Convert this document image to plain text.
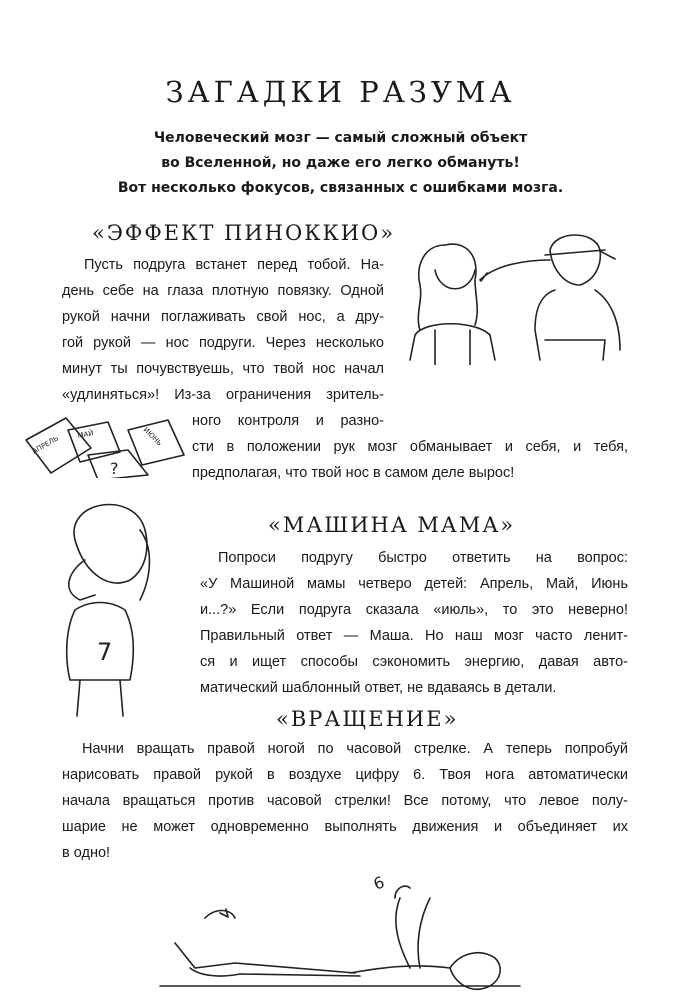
ЗАГАДКИ РАЗУМА
Человеческий мозг — самый сложный объект
во Вселенной, но даже его легко обмануть!
Вот несколько фокусов, связанных с ошибками мозга.
«ЭФФЕКТ ПИНОККИО»
Пусть подруга встанет перед тобой. На-
день себе на глаза плотную повязку. Одной
рукой начни поглаживать свой нос, а дру-
гой рукой — нос подруги. Через несколько
минут ты почувствуешь, что твой нос начал
«удлиняться»! Из-за ограничения зритель-
ного контроля и разно-
сти в положении рук мозг обманывает и себя, и тебя,
предполагая, что твой нос в самом деле вырос!
АПРЕЛЬ МАЙ	ИЮНЬ
?
7
«МАШИНА МАМА»
Попроси подругу быстро ответить на вопрос:
«У Машиной мамы четверо детей: Апрель, Май, Июнь
и...?» Если подруга сказала «июль», то это неверно!
Правильный ответ — Маша. Но наш мозг часто ленит-
ся и ищет способы сэкономить энергию, давая авто-
матический шаблонный ответ, не вдаваясь в детали.
«ВРАЩЕНИЕ»
Начни вращать правой ногой по часовой стрелке. А теперь попробуй
нарисовать правой рукой в воздухе цифру 6. Твоя нога автоматически
начала вращаться против часовой стрелки! Все потому, что левое полу-
шарие не может одновременно выполнять движения и объединяет их
в одно!
6
